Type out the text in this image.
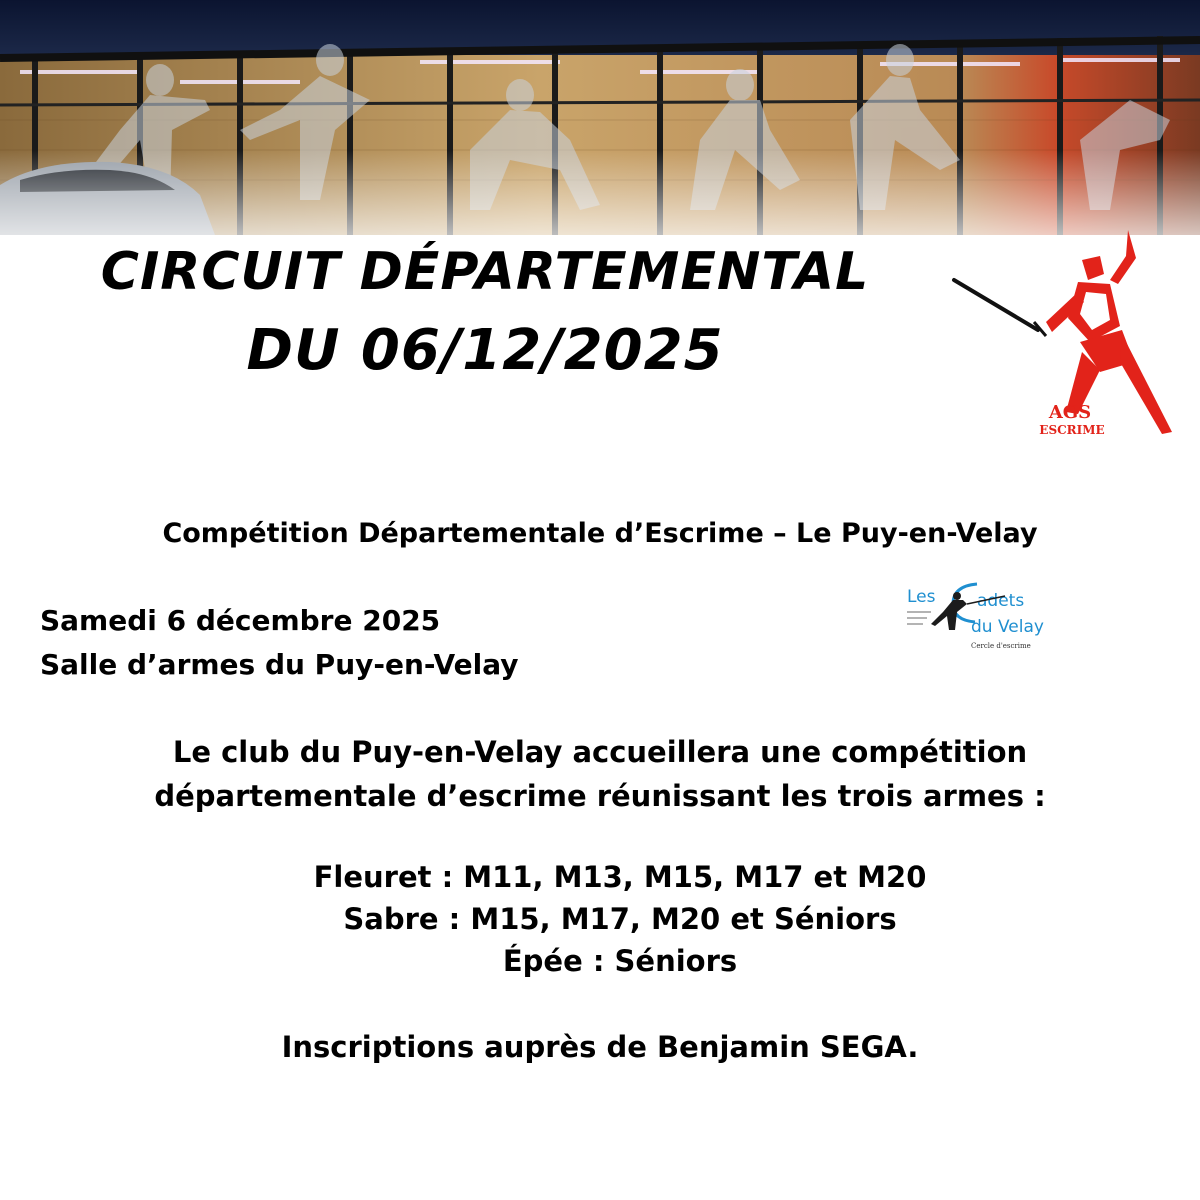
CIRCUIT DÉPARTEMENTAL
DU 06/12/2025
AGS
ESCRIME

Compétition Départementale d’Escrime – Le Puy-en-Velay

Les adets
du Velay
Cercle d'escrime

Samedi 6 décembre 2025

Salle d’armes du Puy-en-Velay

Le club du Puy-en-Velay accueillera une compétition

départementale d’escrime réunissant les trois armes :

Fleuret : M11, M13, M15, M17 et M20

Sabre : M15, M17, M20 et Séniors

Épée : Séniors

Inscriptions auprès de Benjamin SEGA.
